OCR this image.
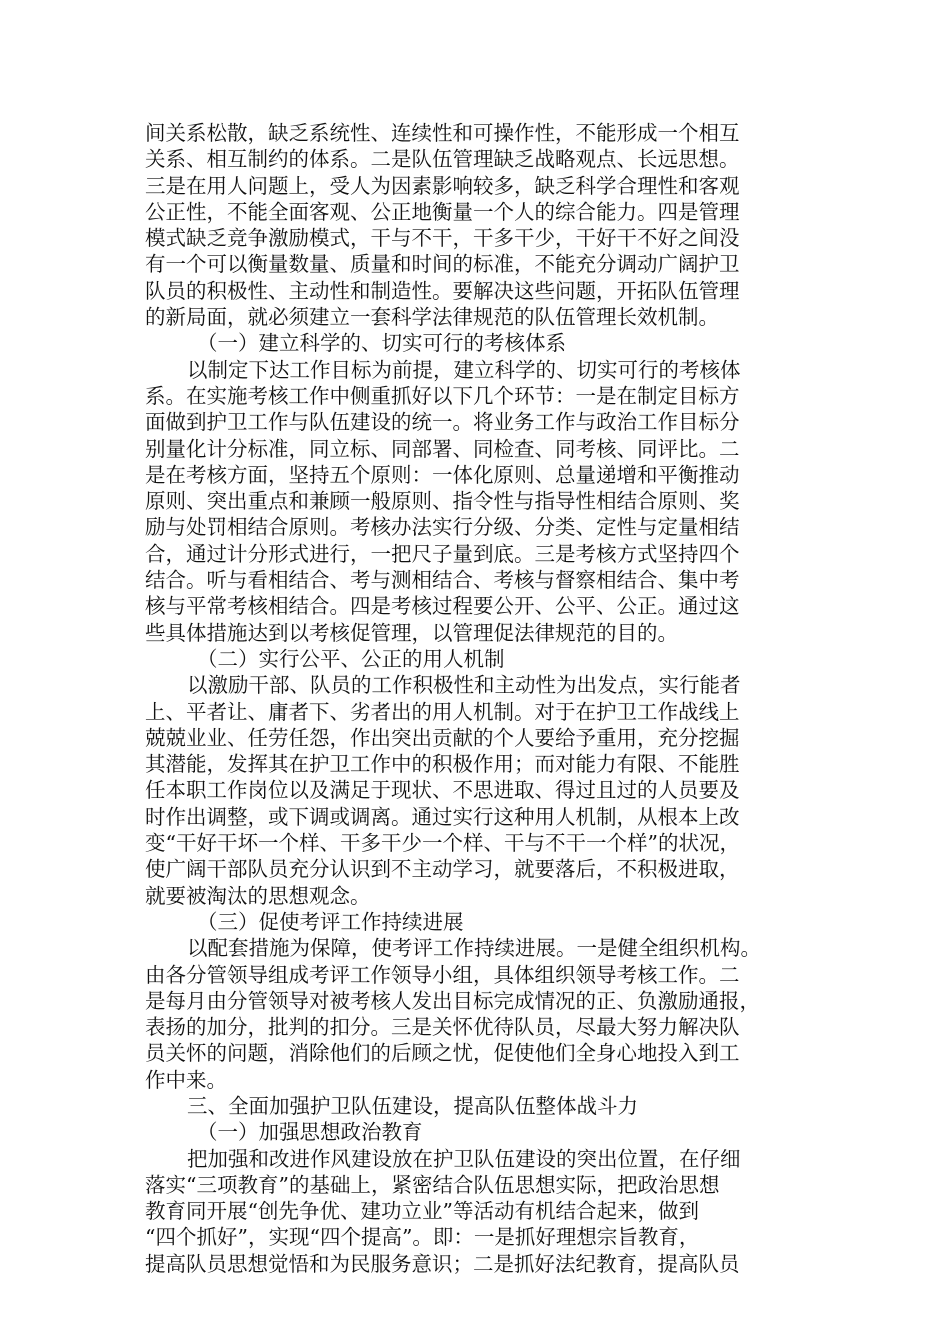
间关系松散，缺乏系统性、连续性和可操作性，不能形成一个相互
关系、相互制约的体系。二是队伍管理缺乏战略观点、长远思想。
三是在用人问题上，受人为因素影响较多，缺乏科学合理性和客观
公正性，不能全面客观、公正地衡量一个人的综合能力。四是管理
模式缺乏竞争激励模式，干与不干，干多干少，干好干不好之间没
有一个可以衡量数量、质量和时间的标准，不能充分调动广阔护卫
队员的积极性、主动性和制造性。要解决这些问题，开拓队伍管理
的新局面，就必须建立一套科学法律规范的队伍管理长效机制。
（一）建立科学的、切实可行的考核体系
以制定下达工作目标为前提，建立科学的、切实可行的考核体
系。在实施考核工作中侧重抓好以下几个环节：一是在制定目标方
面做到护卫工作与队伍建设的统一。将业务工作与政治工作目标分
别量化计分标准，同立标、同部署、同检查、同考核、同评比。二
是在考核方面，坚持五个原则：一体化原则、总量递增和平衡推动
原则、突出重点和兼顾一般原则、指令性与指导性相结合原则、奖
励与处罚相结合原则。考核办法实行分级、分类、定性与定量相结
合，通过计分形式进行，一把尺子量到底。三是考核方式坚持四个
结合。听与看相结合、考与测相结合、考核与督察相结合、集中考
核与平常考核相结合。四是考核过程要公开、公平、公正。通过这
些具体措施达到以考核促管理，以管理促法律规范的目的。
（二）实行公平、公正的用人机制
以激励干部、队员的工作积极性和主动性为出发点，实行能者
上、平者让、庸者下、劣者出的用人机制。对于在护卫工作战线上
兢兢业业、任劳任怨，作出突出贡献的个人要给予重用，充分挖掘
其潜能，发挥其在护卫工作中的积极作用；而对能力有限、不能胜
任本职工作岗位以及满足于现状、不思进取、得过且过的人员要及
时作出调整，或下调或调离。通过实行这种用人机制，从根本上改
变“干好干坏一个样、干多干少一个样、干与不干一个样”的状况，
使广阔干部队员充分认识到不主动学习，就要落后，不积极进取，
就要被淘汰的思想观念。
（三）促使考评工作持续进展
以配套措施为保障，使考评工作持续进展。一是健全组织机构。
由各分管领导组成考评工作领导小组，具体组织领导考核工作。二
是每月由分管领导对被考核人发出目标完成情况的正、负激励通报，
表扬的加分，批判的扣分。三是关怀优待队员，尽最大努力解决队
员关怀的问题，消除他们的后顾之忧，促使他们全身心地投入到工
作中来。
三、全面加强护卫队伍建设，提高队伍整体战斗力
（一）加强思想政治教育
把加强和改进作风建设放在护卫队伍建设的突出位置，在仔细
落实“三项教育”的基础上，紧密结合队伍思想实际，把政治思想
教育同开展“创先争优、建功立业”等活动有机结合起来，做到
“四个抓好”，实现“四个提高”。即：一是抓好理想宗旨教育，
提高队员思想觉悟和为民服务意识；二是抓好法纪教育，提高队员
